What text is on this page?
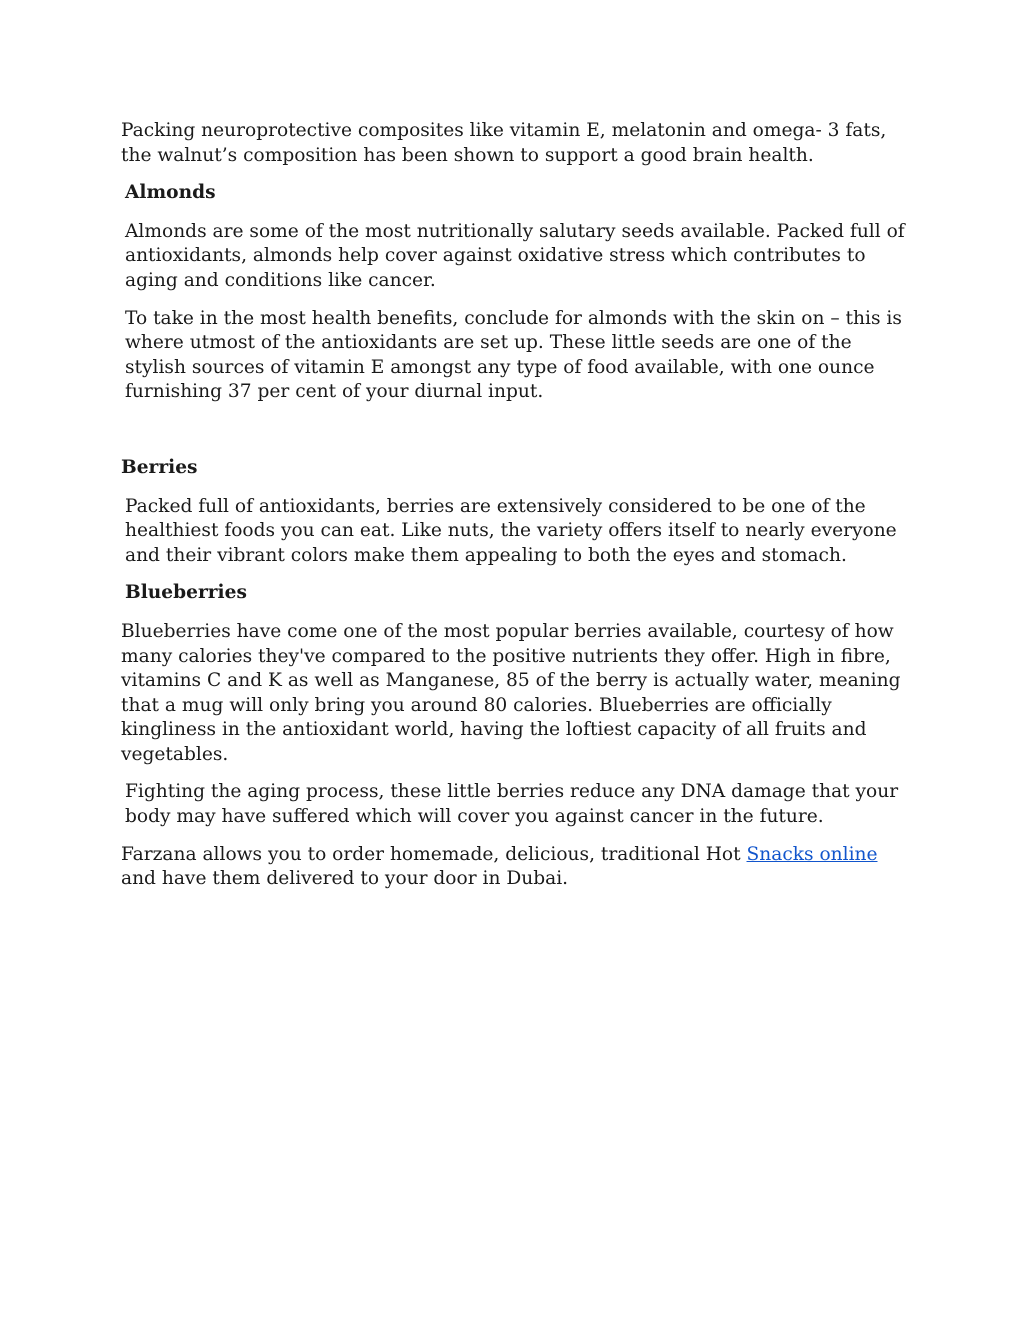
Packing neuroprotective composites like vitamin E, melatonin and omega- 3 fats, the walnut’s composition has been shown to support a good brain health.

Almonds

Almonds are some of the most nutritionally salutary seeds available. Packed full of antioxidants, almonds help cover against oxidative stress which contributes to aging and conditions like cancer.

To take in the most health benefits, conclude for almonds with the skin on – this is where utmost of the antioxidants are set up. These little seeds are one of the stylish sources of vitamin E amongst any type of food available, with one ounce furnishing 37 per cent of your diurnal input.

Berries

Packed full of antioxidants, berries are extensively considered to be one of the healthiest foods you can eat. Like nuts, the variety offers itself to nearly everyone and their vibrant colors make them appealing to both the eyes and stomach.

Blueberries

Blueberries have come one of the most popular berries available, courtesy of how many calories they've compared to the positive nutrients they offer. High in fibre, vitamins C and K as well as Manganese, 85 of the berry is actually water, meaning that a mug will only bring you around 80 calories. Blueberries are officially kingliness in the antioxidant world, having the loftiest capacity of all fruits and vegetables.

Fighting the aging process, these little berries reduce any DNA damage that your body may have suffered which will cover you against cancer in the future.

Farzana allows you to order homemade, delicious, traditional Hot Snacks online and have them delivered to your door in Dubai.
